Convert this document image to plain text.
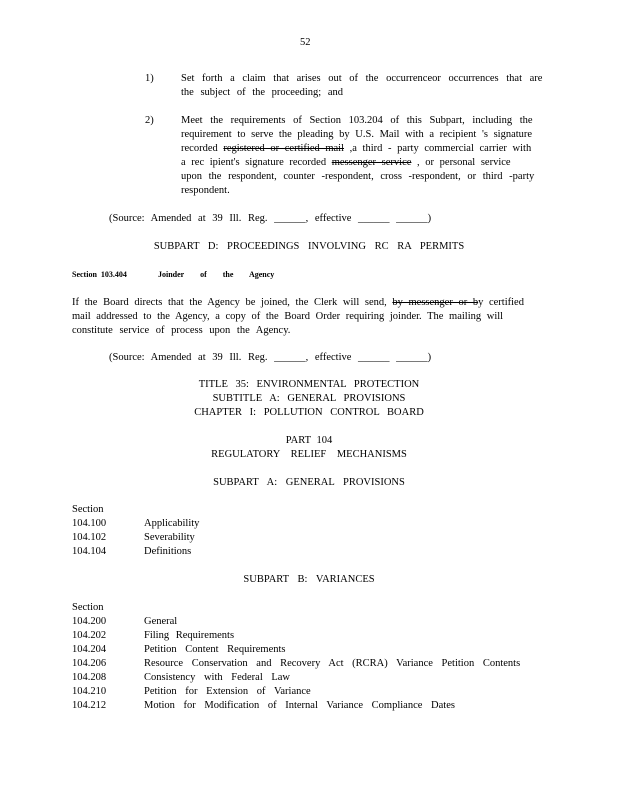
52
1)	Set forth a claim that arises out of the occurrenceor occurrences that are
the subject of the proceeding; and
2)	Meet the requirements of Section 103.204 of this Subpart, including the
requirement to serve the pleading by U.S. Mail with a recipient 's signature
recorded registered or certified mail ,a third - party commercial carrier with
a rec ipient's signature recorded messenger service , or personal service
upon the respondent, counter -respondent, cross -respondent, or third -party
respondent.
(Source: Amended at 39 Ill. Reg. ______, effective ______ ______)
SUBPART D: PROCEEDINGS INVOLVING RC RA PERMITS
Section 103.404	Joinder of the Agency
If the Board directs that the Agency be joined, the Clerk will send, by messenger or by certified
mail addressed to the Agency, a copy of the Board Order requiring joinder. The mailing will
constitute service of process upon the Agency.
(Source: Amended at 39 Ill. Reg. ______, effective ______ ______)
TITLE 35: ENVIRONMENTAL PROTECTION
SUBTITLE A: GENERAL PROVISIONS
CHAPTER I: POLLUTION CONTROL BOARD
PART 104
REGULATORY RELIEF MECHANISMS
SUBPART A: GENERAL PROVISIONS
Section
104.100	Applicability
104.102	Severability
104.104	Definitions
SUBPART B: VARIANCES
Section
104.200	General
104.202	Filing Requirements
104.204	Petition Content Requirements
104.206	Resource Conservation and Recovery Act (RCRA) Variance Petition Contents
104.208	Consistency with Federal Law
104.210	Petition for Extension of Variance
104.212	Motion for Modification of Internal Variance Compliance Dates
